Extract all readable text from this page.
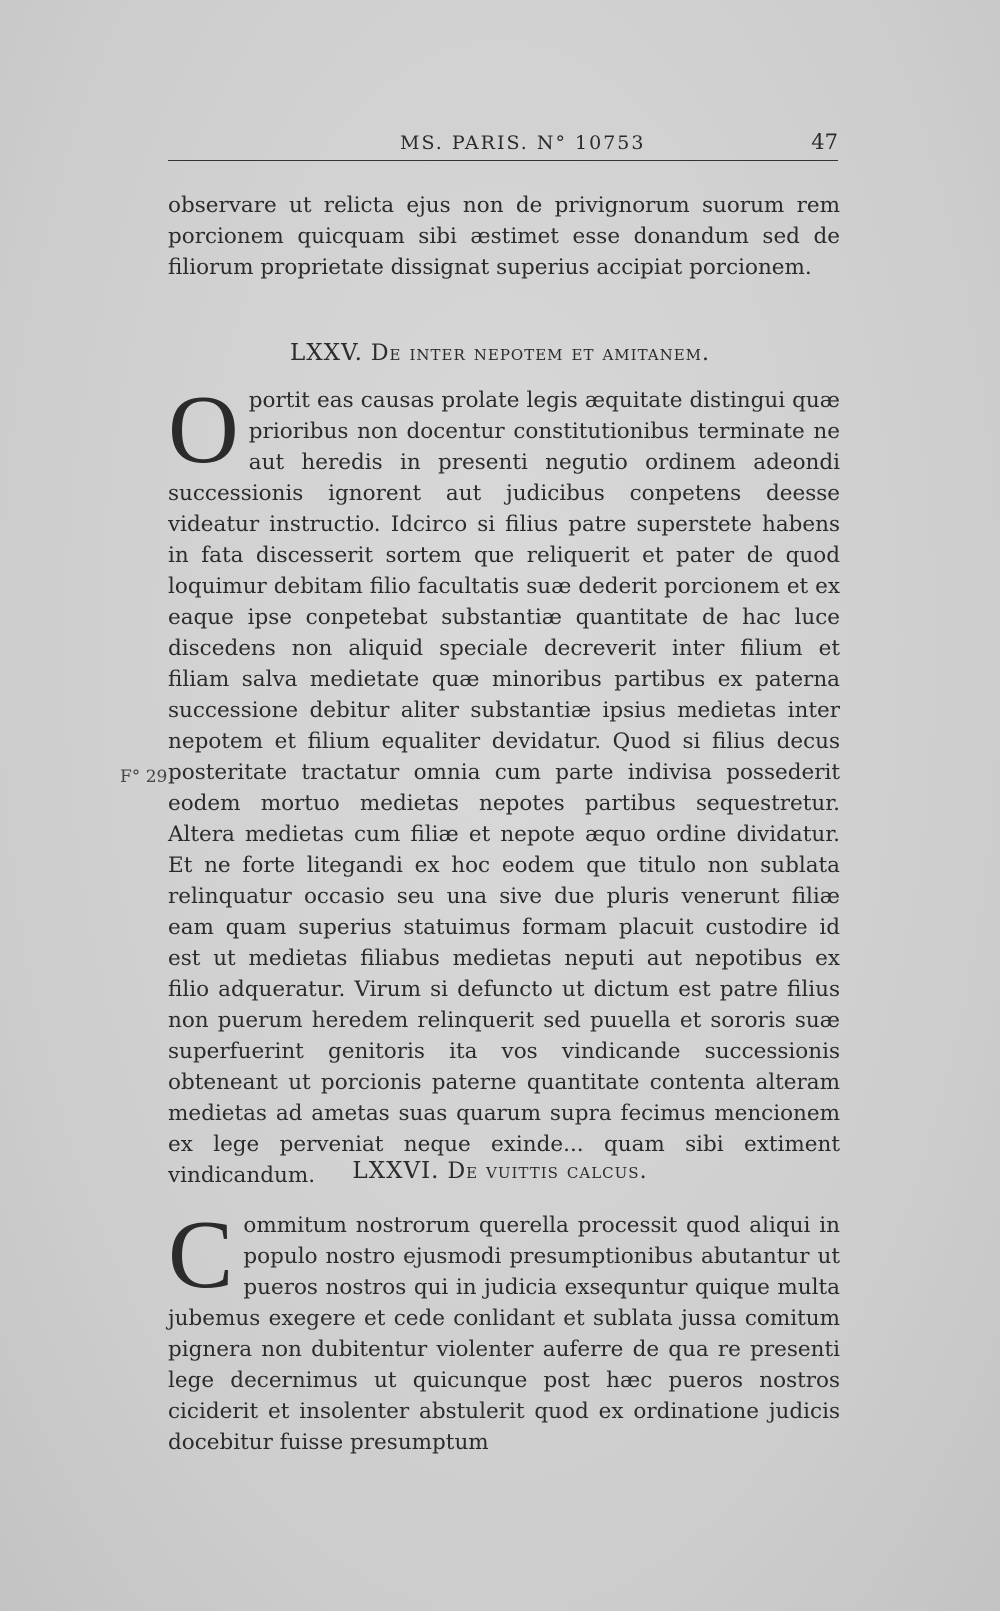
MS. PARIS. N° 10753	47

observare ut relicta ejus non de privignorum suorum rem porcionem quicquam sibi æstimet esse donandum sed de filiorum proprietate dissignat superius accipiat porcionem.

LXXV. De inter nepotem et amitanem.
O portit eas causas prolate legis æquitate distingui quæ prioribus non docentur constitutionibus terminate ne aut heredis in presenti negutio ordinem adeondi successionis ignorent aut judicibus conpetens deesse videatur instructio. Idcirco si filius patre superstete habens in fata discesserit sortem que reliquerit et pater de quod loquimur debitam filio facultatis suæ dederit porcionem et ex eaque ipse conpetebat substantiæ quantitate de hac luce discedens non aliquid speciale decreverit inter filium et filiam salva medietate quæ minoribus partibus ex paterna successione debitur aliter substantiæ ipsius medietas inter nepotem et filium equaliter devidatur. Quod si filius decus posteritate tractatur omnia cum parte indivisa possederit eodem mortuo medietas nepotes partibus sequestretur. Altera medietas cum filiæ et nepote æquo ordine dividatur. Et ne forte litegandi ex hoc eodem que titulo non sublata relinquatur occasio seu una sive due pluris venerunt filiæ eam quam superius statuimus formam placuit custodire id est ut medietas filiabus medietas neputi aut nepotibus ex filio adqueratur. Virum si defuncto ut dictum est patre filius non puerum heredem relinquerit sed puuella et sororis suæ superfuerint genitoris ita vos vindicande successionis obteneant ut porcionis paterne quantitate contenta alteram medietas ad ametas suas quarum supra fecimus mencionem ex lege perveniat neque exinde... quam sibi extiment vindicandum.

F° 29
LXXVI. De vuittis calcus.
C ommitum nostrorum querella processit quod aliqui in populo nostro ejusmodi presumptionibus abutantur ut pueros nostros qui in judicia exsequntur quique multa jubemus exegere et cede conlidant et sublata jussa comitum pignera non dubitentur violenter auferre de qua re presenti lege decernimus ut quicunque post hæc pueros nostros ciciderit et insolenter abstulerit quod ex ordinatione judicis docebitur fuisse presumptum
